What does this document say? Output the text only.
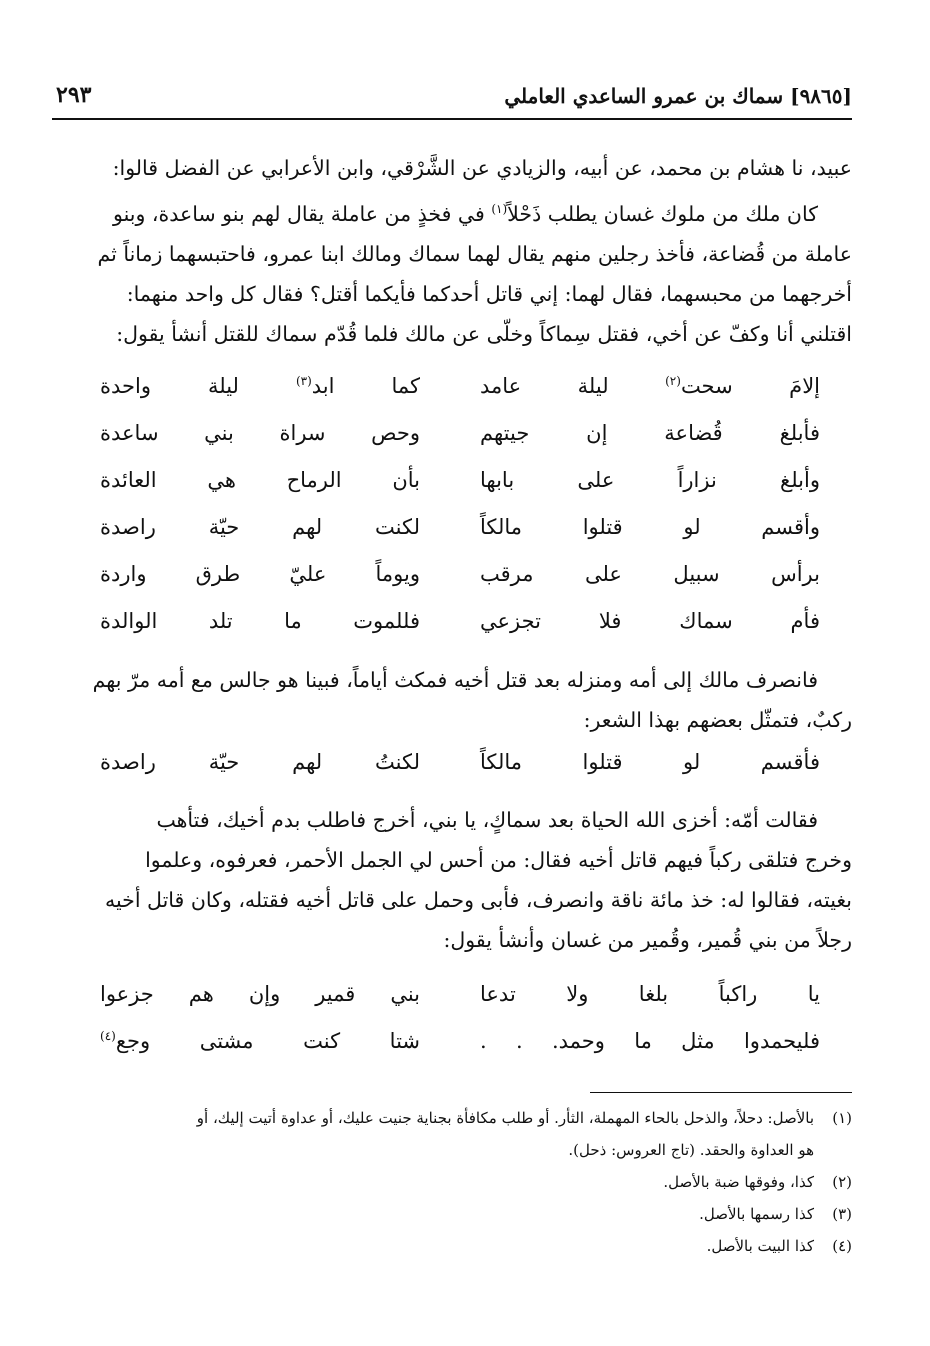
[٩٨٦٥] سماك بن عمرو الساعدي العاملي
٢٩٣
عبيد، نا هشام بن محمد، عن أبيه، والزيادي عن الشَّرْقي، وابن الأعرابي عن الفضل قالوا:
كان ملك من ملوك غسان يطلب ذَحْلاً$^{(١)}$ في فخذٍ من عاملة يقال لهم بنو ساعدة، وبنو
عاملة من قُضاعة، فأخذ رجلين منهم يقال لهما سماك ومالك ابنا عمرو، فاحتبسهما زماناً ثم
أخرجهما من محبسهما، فقال لهما: إني قاتل أحدكما فأيكما أقتل؟ فقال كل واحد منهما:
اقتلني أنا وكفّ عن أخي، فقتل سِماكاً وخلّى عن مالك فلما قُدّم سماك للقتل أنشأ يقول:
إلامَ سحت$^{(٢)}$ ليلة عامد
كما ابد$^{(٣)}$ ليلة واحدة
فأبلغ قُضاعة إن جيتهم
وحص سراة بني ساعدة
وأبلغ نزاراً على بابها
بأن الرماح هي العائدة
وأقسم لو قتلوا مالكاً
لكنت لهم حيّة راصدة
برأس سبيل على مرقب
ويوماً عليّ طرق واردة
فأم سماك فلا تجزعي
فللموت ما تلد الوالدة
فانصرف مالك إلى أمه ومنزله بعد قتل أخيه فمكث أياماً، فبينا هو جالس مع أمه مرّ بهم
ركبٌ، فتمثّل بعضهم بهذا الشعر:
فأقسم لو قتلوا مالكاً
لكنتُ لهم حيّة راصدة
فقالت أمّه: أخزى الله الحياة بعد سماكٍ، يا بني، أخرج فاطلب بدم أخيك، فتأهب
وخرج فتلقى ركباً فيهم قاتل أخيه فقال: من أحس لي الجمل الأحمر، فعرفوه، وعلموا
بغيته، فقالوا له: خذ مائة ناقة وانصرف، فأبى وحمل على قاتل أخيه فقتله، وكان قاتل أخيه
رجلاً من بني قُمير، وقُمير من غسان وأنشأ يقول:
يا راكباً بلغا ولا تدعا
بني قمير وإن هم جزعوا
فليحمدوا مثل ما وحمد. . .
شتا كنت مشتى وجع$^{(٤)}$
(١)
بالأصل: دحلاً، والذحل بالحاء المهملة، الثأر. أو طلب مكافأة بجناية جنيت عليك، أو عداوة أتيت إليك، أو
هو العداوة والحقد. (تاج العروس: ذحل).
(٢)
كذا، وفوقها ضبة بالأصل.
(٣)
كذا رسمها بالأصل.
(٤)
كذا البيت بالأصل.
